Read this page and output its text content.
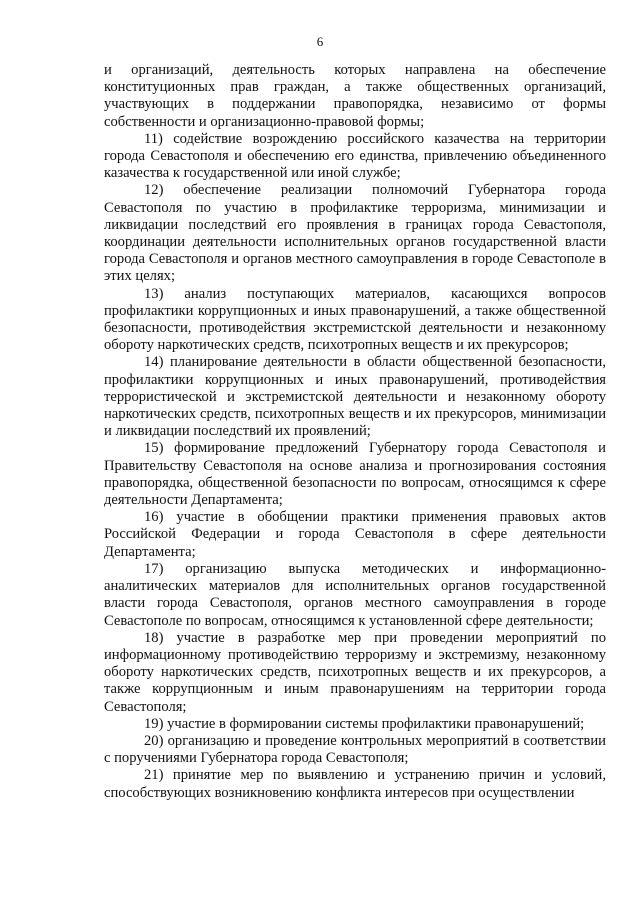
6

и организаций, деятельность которых направлена на обеспечение конституционных прав граждан, а также общественных организаций, участвующих в поддержании правопорядка, независимо от формы собственности и организационно-правовой формы;

11) содействие возрождению российского казачества на территории города Севастополя и обеспечению его единства, привлечению объединенного казачества к государственной или иной службе;

12) обеспечение реализации полномочий Губернатора города Севастополя по участию в профилактике терроризма, минимизации и ликвидации последствий его проявления в границах города Севастополя, координации деятельности исполнительных органов государственной власти города Севастополя и органов местного самоуправления в городе Севастополе в этих целях;

13) анализ поступающих материалов, касающихся вопросов профилактики коррупционных и иных правонарушений, а также общественной безопасности, противодействия экстремистской деятельности и незаконному обороту наркотических средств, психотропных веществ и их прекурсоров;

14) планирование деятельности в области общественной безопасности, профилактики коррупционных и иных правонарушений, противодействия террористической и экстремистской деятельности и незаконному обороту наркотических средств, психотропных веществ и их прекурсоров, минимизации и ликвидации последствий их проявлений;

15) формирование предложений Губернатору города Севастополя и Правительству Севастополя на основе анализа и прогнозирования состояния правопорядка, общественной безопасности по вопросам, относящимся к сфере деятельности Департамента;

16) участие в обобщении практики применения правовых актов Российской Федерации и города Севастополя в сфере деятельности Департамента;

17) организацию выпуска методических и информационно-аналитических материалов для исполнительных органов государственной власти города Севастополя, органов местного самоуправления в городе Севастополе по вопросам, относящимся к установленной сфере деятельности;

18) участие в разработке мер при проведении мероприятий по информационному противодействию терроризму и экстремизму, незаконному обороту наркотических средств, психотропных веществ и их прекурсоров, а также коррупционным и иным правонарушениям на территории города Севастополя;

19) участие в формировании системы профилактики правонарушений;

20) организацию и проведение контрольных мероприятий в соответствии с поручениями Губернатора города Севастополя;

21) принятие мер по выявлению и устранению причин и условий, способствующих возникновению конфликта интересов при осуществлении
